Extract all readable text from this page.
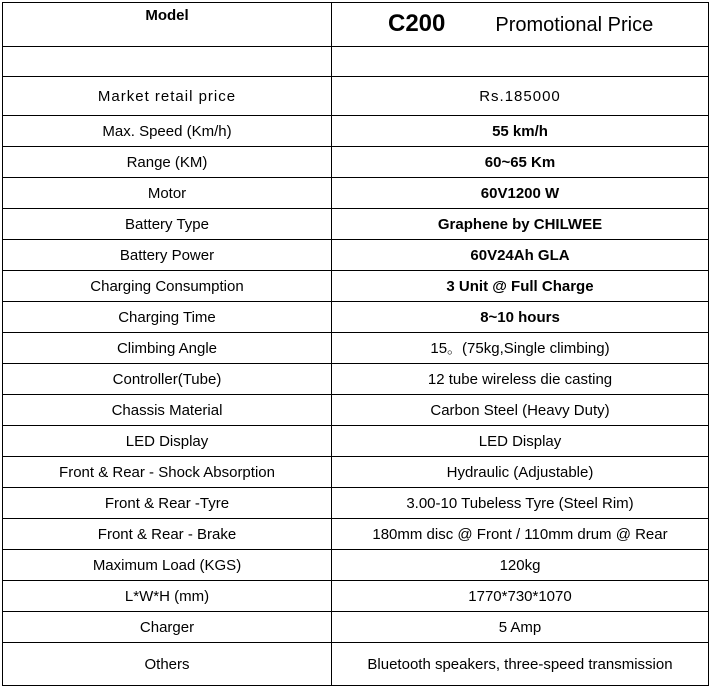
Model	C200 Promotional Price

Market retail price	Rs.185000
Max. Speed (Km/h)	55 km/h
Range (KM)	60~65 Km
Motor	60V1200 W
Battery Type	Graphene by CHILWEE
Battery Power	60V24Ah GLA
Charging Consumption	3 Unit @ Full Charge
Charging Time	8~10 hours
Climbing Angle	15。(75kg,Single climbing)
Controller(Tube)	12 tube wireless die casting
Chassis Material	Carbon Steel (Heavy Duty)
LED Display	LED Display
Front & Rear - Shock Absorption	Hydraulic (Adjustable)
Front & Rear -Tyre	3.00-10 Tubeless Tyre (Steel Rim)
Front & Rear - Brake	180mm disc @ Front / 110mm drum @ Rear
Maximum Load (KGS)	120kg
L*W*H (mm)	1770*730*1070
Charger	5 Amp
Others	Bluetooth speakers, three-speed transmission
